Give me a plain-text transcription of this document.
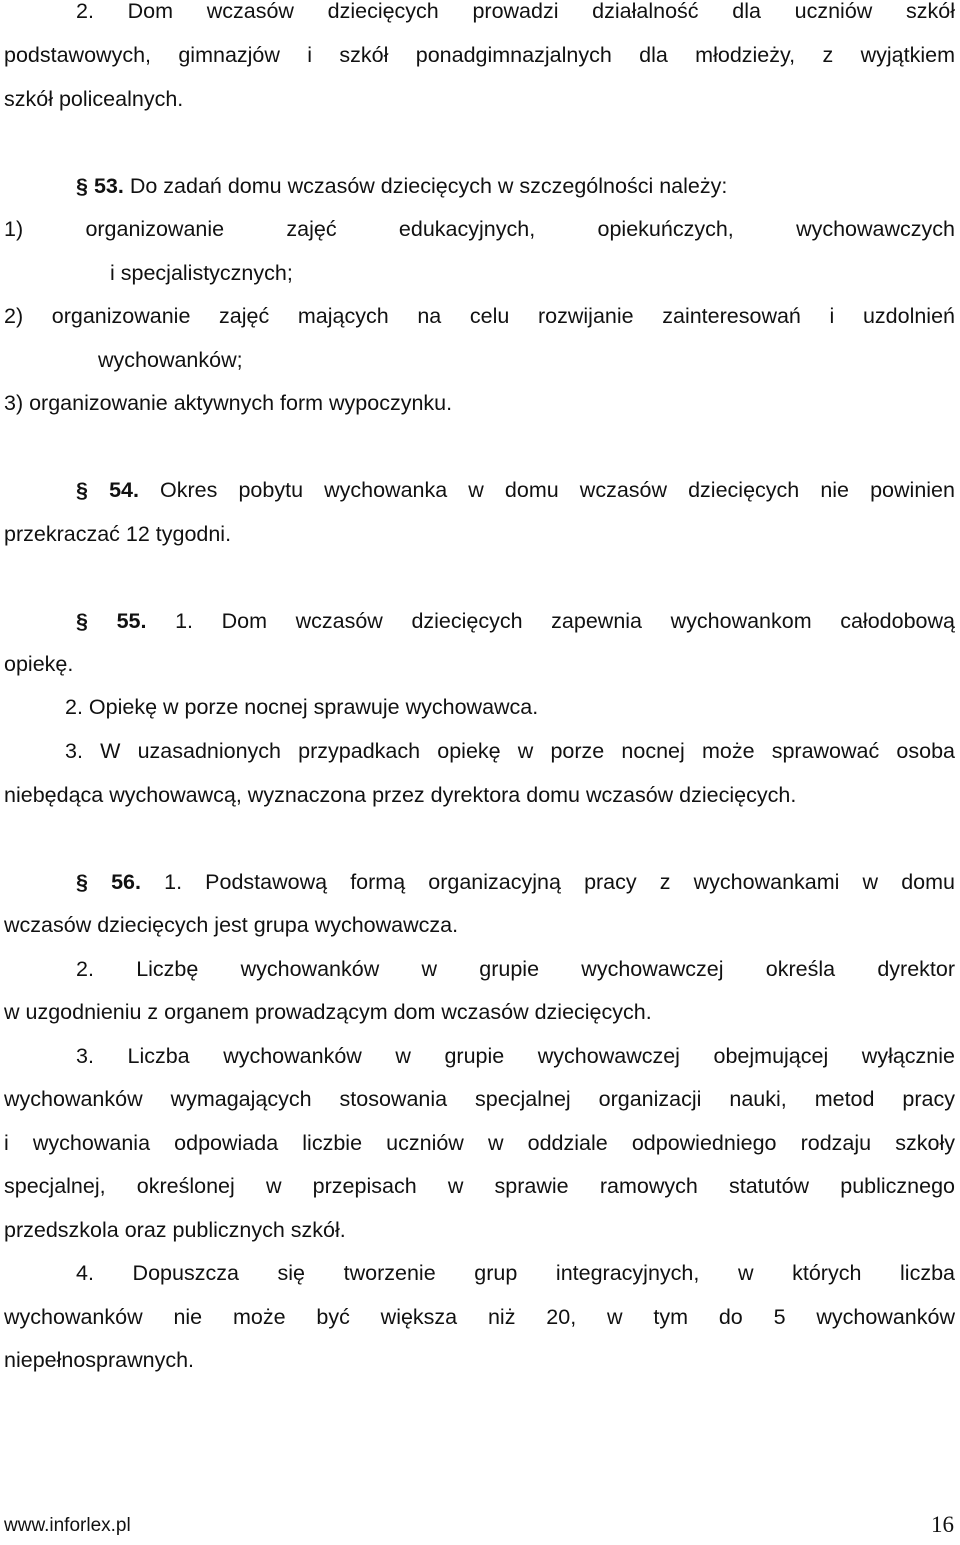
2. Dom wczasów dziecięcych prowadzi działalność dla uczniów szkół
podstawowych, gimnazjów i szkół ponadgimnazjalnych dla młodzieży, z wyjątkiem
szkół policealnych.
§ 53. Do zadań domu wczasów dziecięcych w szczególności należy:
1) organizowanie zajęć edukacyjnych, opiekuńczych, wychowawczych
i specjalistycznych;
2) organizowanie zajęć mających na celu rozwijanie zainteresowań i uzdolnień
wychowanków;
3) organizowanie aktywnych form wypoczynku.
§ 54. Okres pobytu wychowanka w domu wczasów dziecięcych nie powinien
przekraczać 12 tygodni.
§ 55. 1. Dom wczasów dziecięcych zapewnia wychowankom całodobową
opiekę.
2. Opiekę w porze nocnej sprawuje wychowawca.
3. W uzasadnionych przypadkach opiekę w porze nocnej może sprawować osoba
niebędąca wychowawcą, wyznaczona przez dyrektora domu wczasów dziecięcych.
§ 56. 1. Podstawową formą organizacyjną pracy z wychowankami w domu
wczasów dziecięcych jest grupa wychowawcza.
2. Liczbę wychowanków w grupie wychowawczej określa dyrektor
w uzgodnieniu z organem prowadzącym dom wczasów dziecięcych.
3. Liczba wychowanków w grupie wychowawczej obejmującej wyłącznie
wychowanków wymagających stosowania specjalnej organizacji nauki, metod pracy
i wychowania odpowiada liczbie uczniów w oddziale odpowiedniego rodzaju szkoły
specjalnej, określonej w przepisach w sprawie ramowych statutów publicznego
przedszkola oraz publicznych szkół.
4. Dopuszcza się tworzenie grup integracyjnych, w których liczba
wychowanków nie może być większa niż 20, w tym do 5 wychowanków
niepełnosprawnych.
www.inforlex.pl	16
